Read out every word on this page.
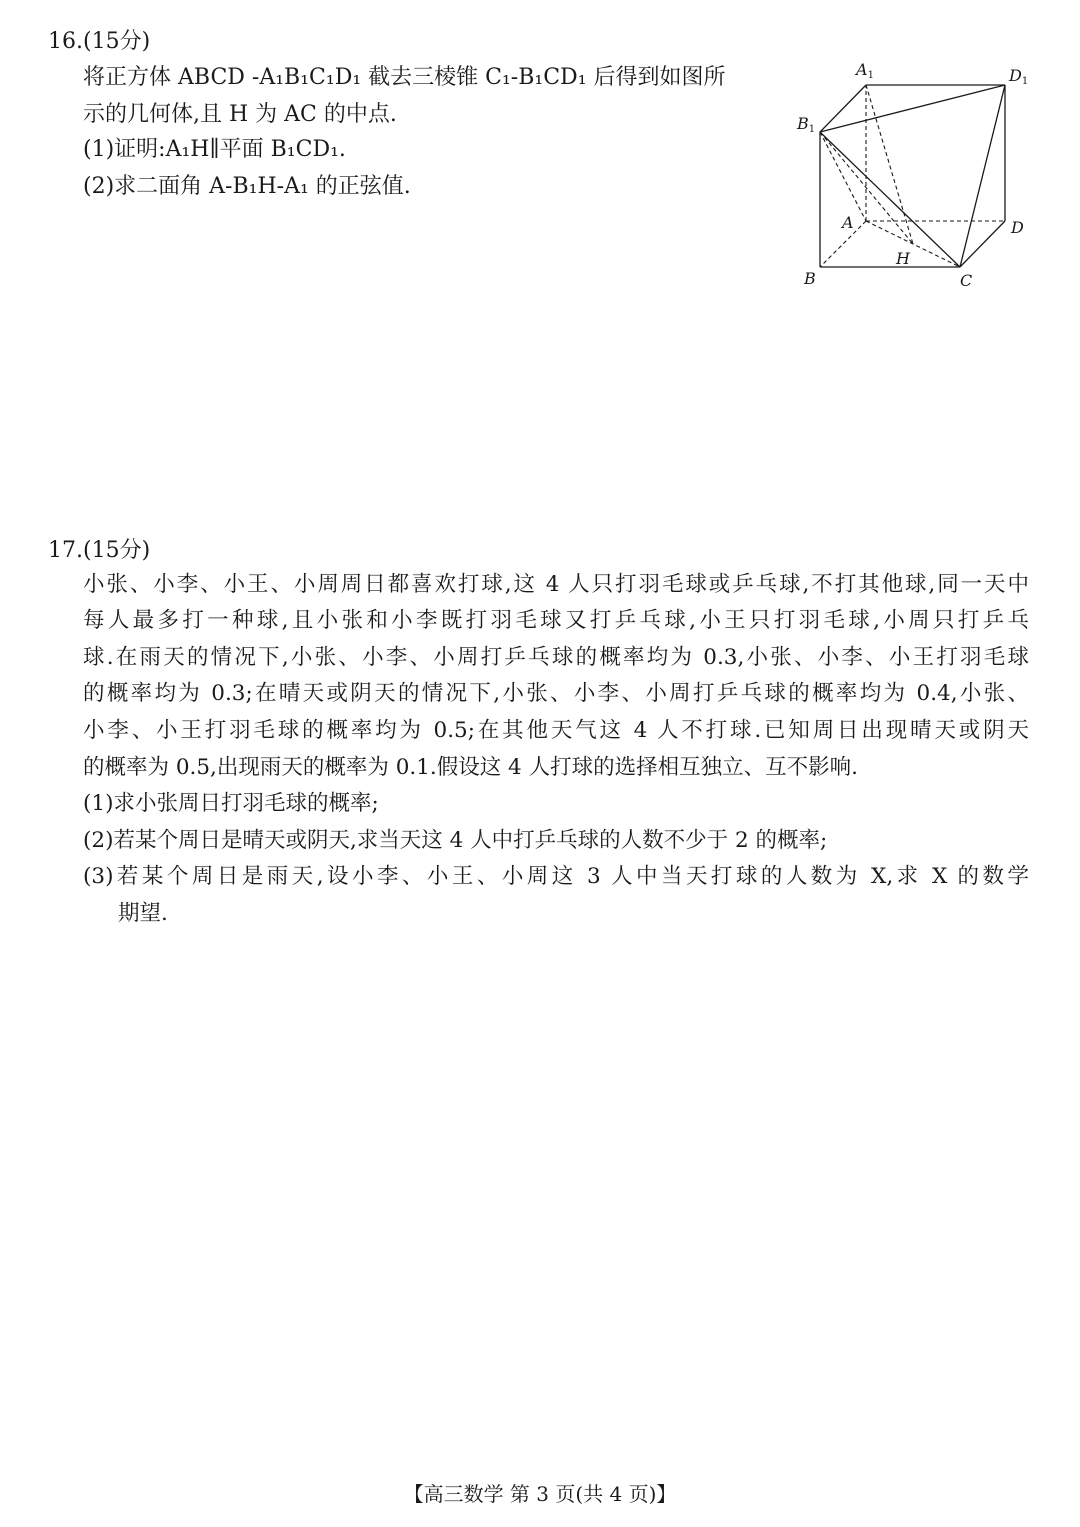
16.(15分)
将正方体 ABCD -A₁B₁C₁D₁ 截去三棱锥 C₁-B₁CD₁ 后得到如图所
示的几何体,且 H 为 AC 的中点.
(1)证明:A₁H∥平面 B₁CD₁.
(2)求二面角 A-B₁H-A₁ 的正弦值.
A1	D1
B1
A	D
H
B	C
17.(15分)
小张、小李、小王、小周周日都喜欢打球,这 4 人只打羽毛球或乒乓球,不打其他球,同一天中
每人最多打一种球,且小张和小李既打羽毛球又打乒乓球,小王只打羽毛球,小周只打乒乓
球.在雨天的情况下,小张、小李、小周打乒乓球的概率均为 0.3,小张、小李、小王打羽毛球
的概率均为 0.3;在晴天或阴天的情况下,小张、小李、小周打乒乓球的概率均为 0.4,小张、
小李、小王打羽毛球的概率均为 0.5;在其他天气这 4 人不打球.已知周日出现晴天或阴天
的概率为 0.5,出现雨天的概率为 0.1.假设这 4 人打球的选择相互独立、互不影响.
(1)求小张周日打羽毛球的概率;
(2)若某个周日是晴天或阴天,求当天这 4 人中打乒乓球的人数不少于 2 的概率;
(3)若某个周日是雨天,设小李、小王、小周这 3 人中当天打球的人数为 X,求 X 的数学
期望.
【高三数学 第 3 页(共 4 页)】
